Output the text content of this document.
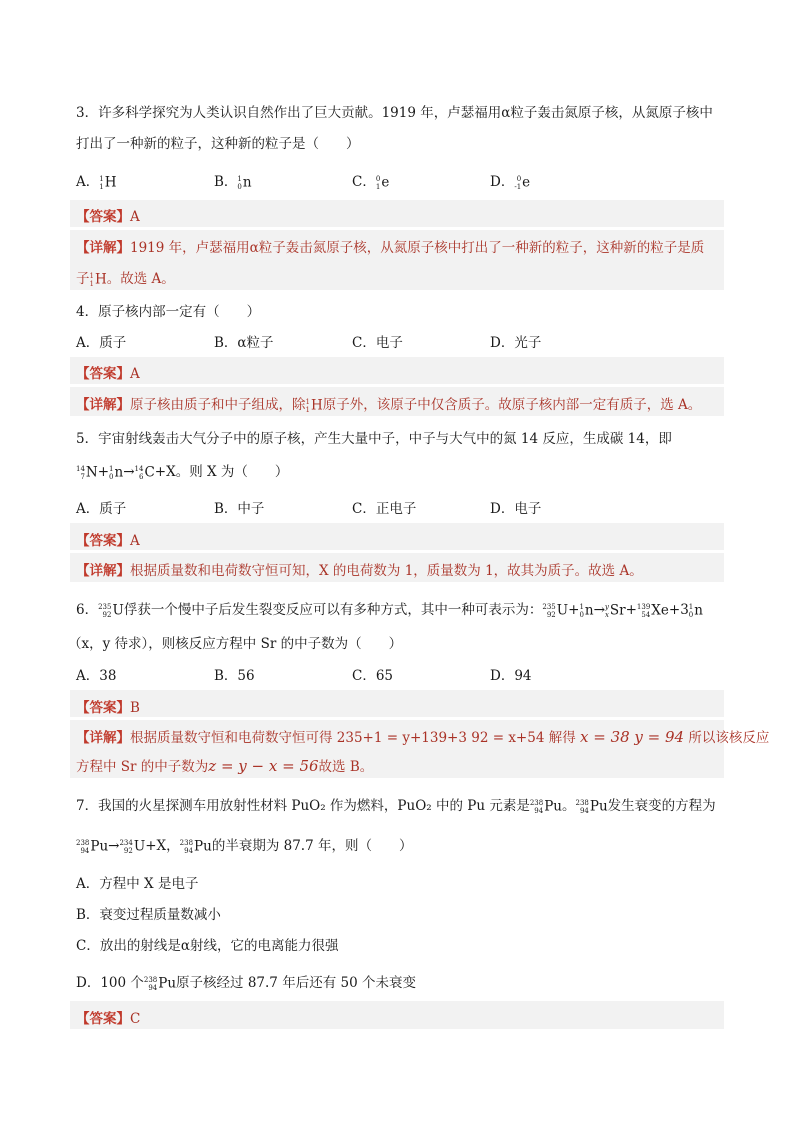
3．许多科学探究为人类认识自然作出了巨大贡献。1919 年，卢瑟福用α粒子轰击氮原子核，从氮原子核中
打出了一种新的粒子，这种新的粒子是（　　）
A． 1
1 H	B． 1
0 n	C． 0
1 e	D． 0
-1 e
【答案】A
【详解】1919 年，卢瑟福用α粒子轰击氮原子核，从氮原子核中打出了一种新的粒子，这种新的粒子是质
子 1
1 H。故选 A。
4．原子核内部一定有（　　）
A．质子	B．α粒子	C．电子	D．光子
【答案】A
【详解】原子核由质子和中子组成，除 1
1 H原子外，该原子中仅含质子。故原子核内部一定有质子，选 A。
5．宇宙射线轰击大气分子中的原子核，产生大量中子，中子与大气中的氮 14 反应，生成碳 14，即
14
7 N+ 1
0 n→ 14
6 C+X。则 X 为（　　）
A．质子	B．中子	C．正电子	D．电子
【答案】A
【详解】根据质量数和电荷数守恒可知，X 的电荷数为 1，质量数为 1，故其为质子。故选 A。
6． 235
92 U俘获一个慢中子后发生裂变反应可以有多种方式，其中一种可表示为： 235
92 U+ 1
0 n→ y
x Sr+ 139
54 Xe+3 1
0 n
（x，y 待求），则核反应方程中 Sr 的中子数为（　　）
A．38	B．56	C．65	D．94
【答案】B
【详解】根据质量数守恒和电荷数守恒可得 235+1 = y+139+3 92 = x+54 解得 x = 38 y = 94 所以该核反应
方程中 Sr 的中子数为z = y − x = 56故选 B。
7．我国的火星探测车用放射性材料 PuO₂ 作为燃料，PuO₂ 中的 Pu 元素是 238
94 Pu。 238
94 Pu发生衰变的方程为
238
94 Pu→ 234
92 U+X， 238
94 Pu的半衰期为 87.7 年，则（　　）
A．方程中 X 是电子
B．衰变过程质量数减小
C．放出的射线是α射线，它的电离能力很强
D．100 个 238
94 Pu原子核经过 87.7 年后还有 50 个未衰变
【答案】C
